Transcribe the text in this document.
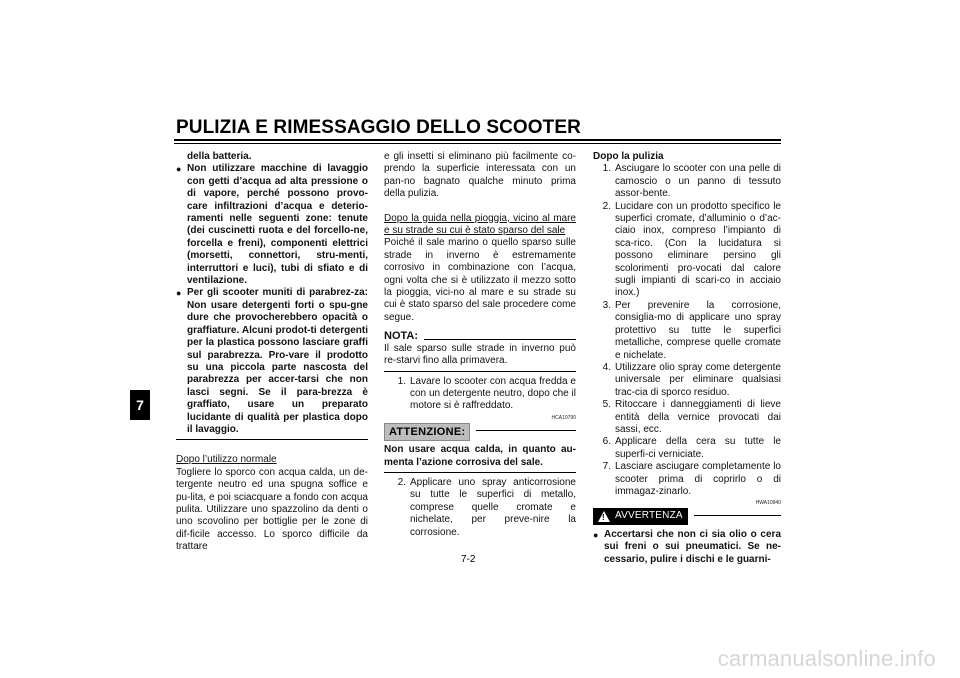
PULIZIA E RIMESSAGGIO DELLO SCOOTER
7

della batteria.

● Non utilizzare macchine di lavaggio con getti d’acqua ad alta pressione o di vapore, perché possono provo-care infiltrazioni d’acqua e deterio-ramenti nelle seguenti zone: tenute (dei cuscinetti ruota e del forcello-ne, forcella e freni), componenti elettrici (morsetti, connettori, stru-menti, interruttori e luci), tubi di sfiato e di ventilazione.
● Per gli scooter muniti di parabrez-za: Non usare detergenti forti o spu-gne dure che provocherebbero opacità o graffiature. Alcuni prodot-ti detergenti per la plastica possono lasciare graffi sul parabrezza. Pro-vare il prodotto su una piccola parte nascosta del parabrezza per accer-tarsi che non lasci segni. Se il para-brezza è graffiato, usare un preparato lucidante di qualità per plastica dopo il lavaggio.

Dopo l’utilizzo normale

Togliere lo sporco con acqua calda, un de-tergente neutro ed una spugna soffice e pu-lita, e poi sciacquare a fondo con acqua pulita. Utilizzare uno spazzolino da denti o uno scovolino per bottiglie per le zone di dif-ficile accesso. Lo sporco difficile da trattare

e gli insetti si eliminano più facilmente co-prendo la superficie interessata con un pan-no bagnato qualche minuto prima della pulizia.

Dopo la guida nella pioggia, vicino al mare e su strade su cui è stato sparso del sale

Poiché il sale marino o quello sparso sulle strade in inverno è estremamente corrosivo in combinazione con l’acqua, ogni volta che si è utilizzato il mezzo sotto la pioggia, vici-no al mare e su strade su cui è stato sparso del sale procedere come segue.

NOTA:

Il sale sparso sulle strade in inverno può re-starvi fino alla primavera.

1. Lavare lo scooter con acqua fredda e con un detergente neutro, dopo che il motore si è raffreddato.
HCA10790
ATTENZIONE:

Non usare acqua calda, in quanto au-menta l’azione corrosiva del sale.

2. Applicare uno spray anticorrosione su tutte le superfici di metallo, comprese quelle cromate e nichelate, per preve-nire la corrosione.

Dopo la pulizia

1. Asciugare lo scooter con una pelle di camoscio o un panno di tessuto assor-bente.
2. Lucidare con un prodotto specifico le superfici cromate, d’alluminio o d’ac-ciaio inox, compreso l’impianto di sca-rico. (Con la lucidatura si possono eliminare persino gli scolorimenti pro-vocati dal calore sugli impianti di scari-co in acciaio inox.)
3. Per prevenire la corrosione, consiglia-mo di applicare uno spray protettivo su tutte le superfici metalliche, comprese quelle cromate e nichelate.
4. Utilizzare olio spray come detergente universale per eliminare qualsiasi trac-cia di sporco residuo.
5. Ritoccare i danneggiamenti di lieve entità della vernice provocati dai sassi, ecc.
6. Applicare della cera su tutte le superfi-ci verniciate.
7. Lasciare asciugare completamente lo scooter prima di coprirlo o di immagaz-zinarlo.
HWA10940
! AVVERTENZA
● Accertarsi che non ci sia olio o cera sui freni o sui pneumatici. Se ne-cessario, pulire i dischi e le guarni-
7-2
carmanualsonline.info
